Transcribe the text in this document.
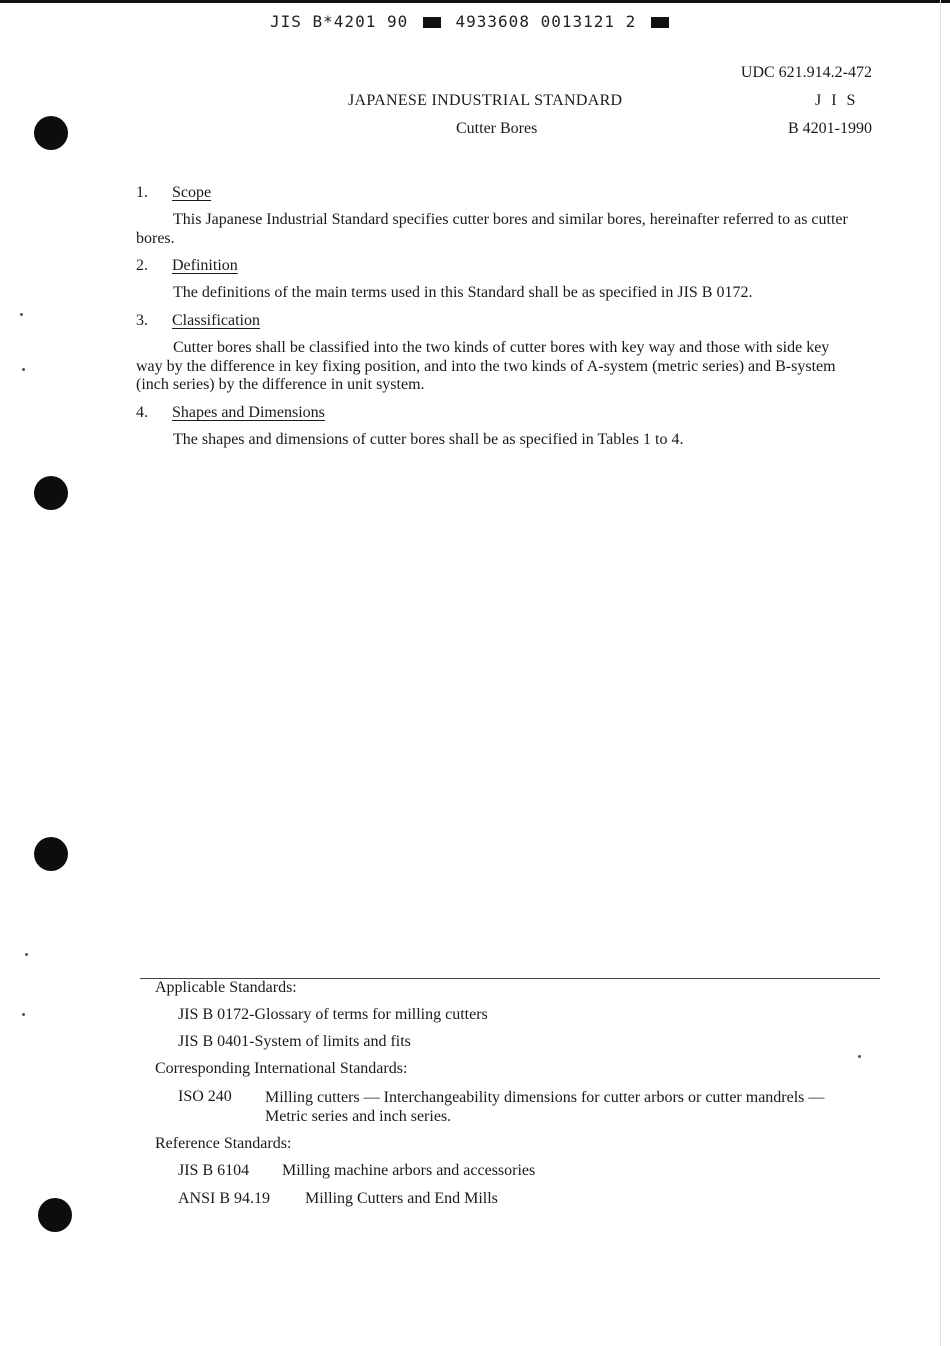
JIS B*4201 90	4933608 0013121 2
UDC 621.914.2-472
JAPANESE INDUSTRIAL STANDARD	J I S
Cutter Bores	B 4201-1990
1. Scope

This Japanese Industrial Standard specifies cutter bores and similar bores, hereinafter referred to as cutter bores.

2. Definition

The definitions of the main terms used in this Standard shall be as specified in JIS B 0172.

3. Classification

Cutter bores shall be classified into the two kinds of cutter bores with key way and those with side key way by the difference in key fixing position, and into the two kinds of A-system (metric series) and B-system (inch series) by the difference in unit system.

4. Shapes and Dimensions

The shapes and dimensions of cutter bores shall be as specified in Tables 1 to 4.

Applicable Standards:
JIS B 0172-Glossary of terms for milling cutters
JIS B 0401-System of limits and fits
Corresponding International Standards:
ISO 240 Milling cutters — Interchangeability dimensions for cutter arbors or cutter mandrels — Metric series and inch series.

Reference Standards:
JIS B 6104 Milling machine arbors and accessories
ANSI B 94.19 Milling Cutters and End Mills
